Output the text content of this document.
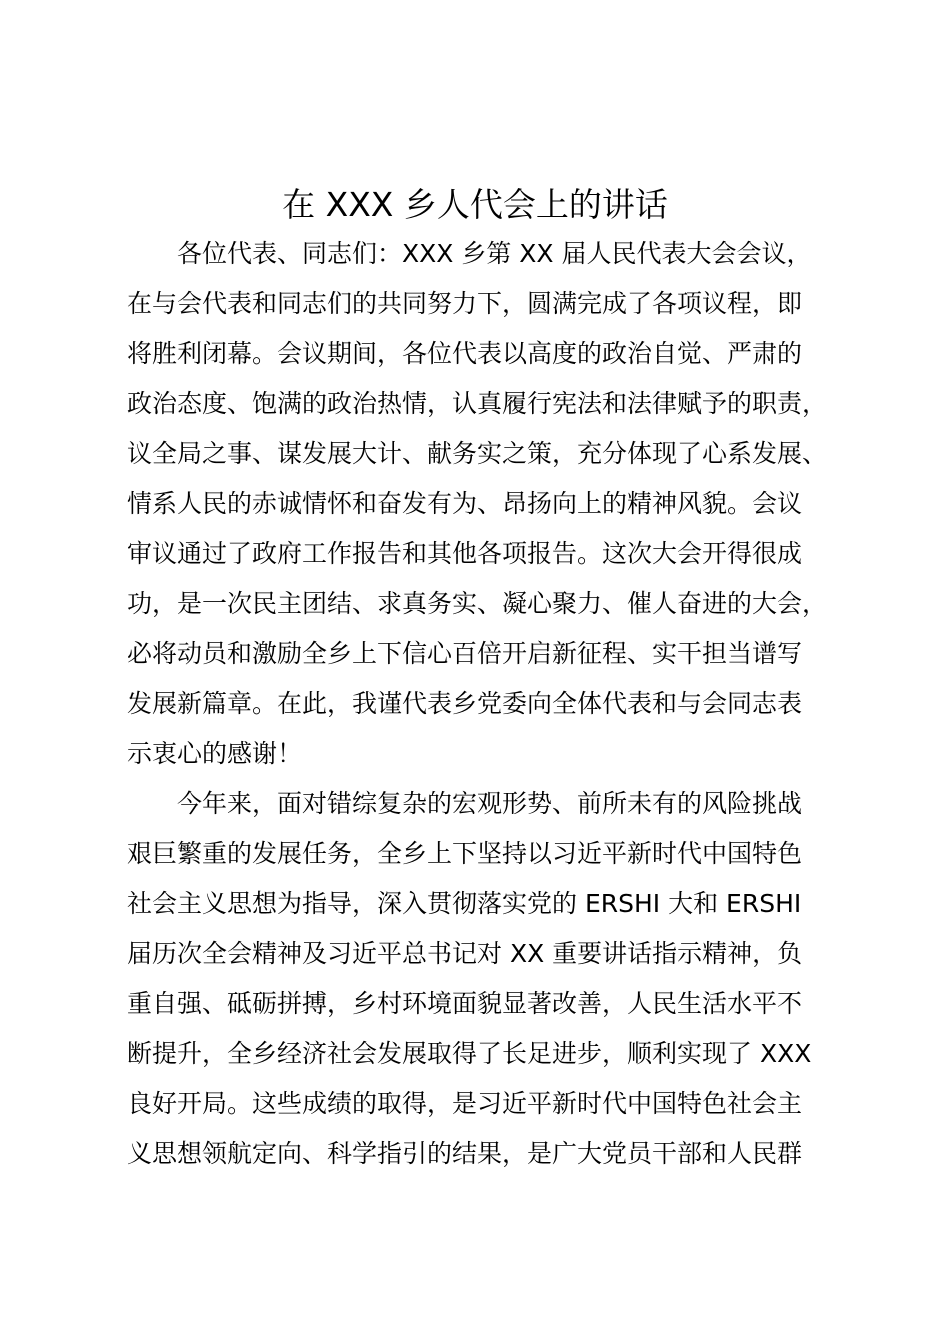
在 XXX 乡人代会上的讲话

各位代表、同志们：XXX 乡第 XX 届人民代表大会会议，

在与会代表和同志们的共同努力下，圆满完成了各项议程，即

将胜利闭幕。会议期间，各位代表以高度的政治自觉、严肃的

政治态度、饱满的政治热情，认真履行宪法和法律赋予的职责，

议全局之事、谋发展大计、献务实之策，充分体现了心系发展、

情系人民的赤诚情怀和奋发有为、昂扬向上的精神风貌。会议

审议通过了政府工作报告和其他各项报告。这次大会开得很成

功，是一次民主团结、求真务实、凝心聚力、催人奋进的大会，

必将动员和激励全乡上下信心百倍开启新征程、实干担当谱写

发展新篇章。在此，我谨代表乡党委向全体代表和与会同志表

示衷心的感谢！

今年来，面对错综复杂的宏观形势、前所未有的风险挑战

艰巨繁重的发展任务，全乡上下坚持以习近平新时代中国特色

社会主义思想为指导，深入贯彻落实党的 ERSHI 大和 ERSHI

届历次全会精神及习近平总书记对 XX 重要讲话指示精神，负

重自强、砥砺拼搏，乡村环境面貌显著改善，人民生活水平不

断提升，全乡经济社会发展取得了长足进步，顺利实现了 XXX

良好开局。这些成绩的取得，是习近平新时代中国特色社会主

义思想领航定向、科学指引的结果，是广大党员干部和人民群
